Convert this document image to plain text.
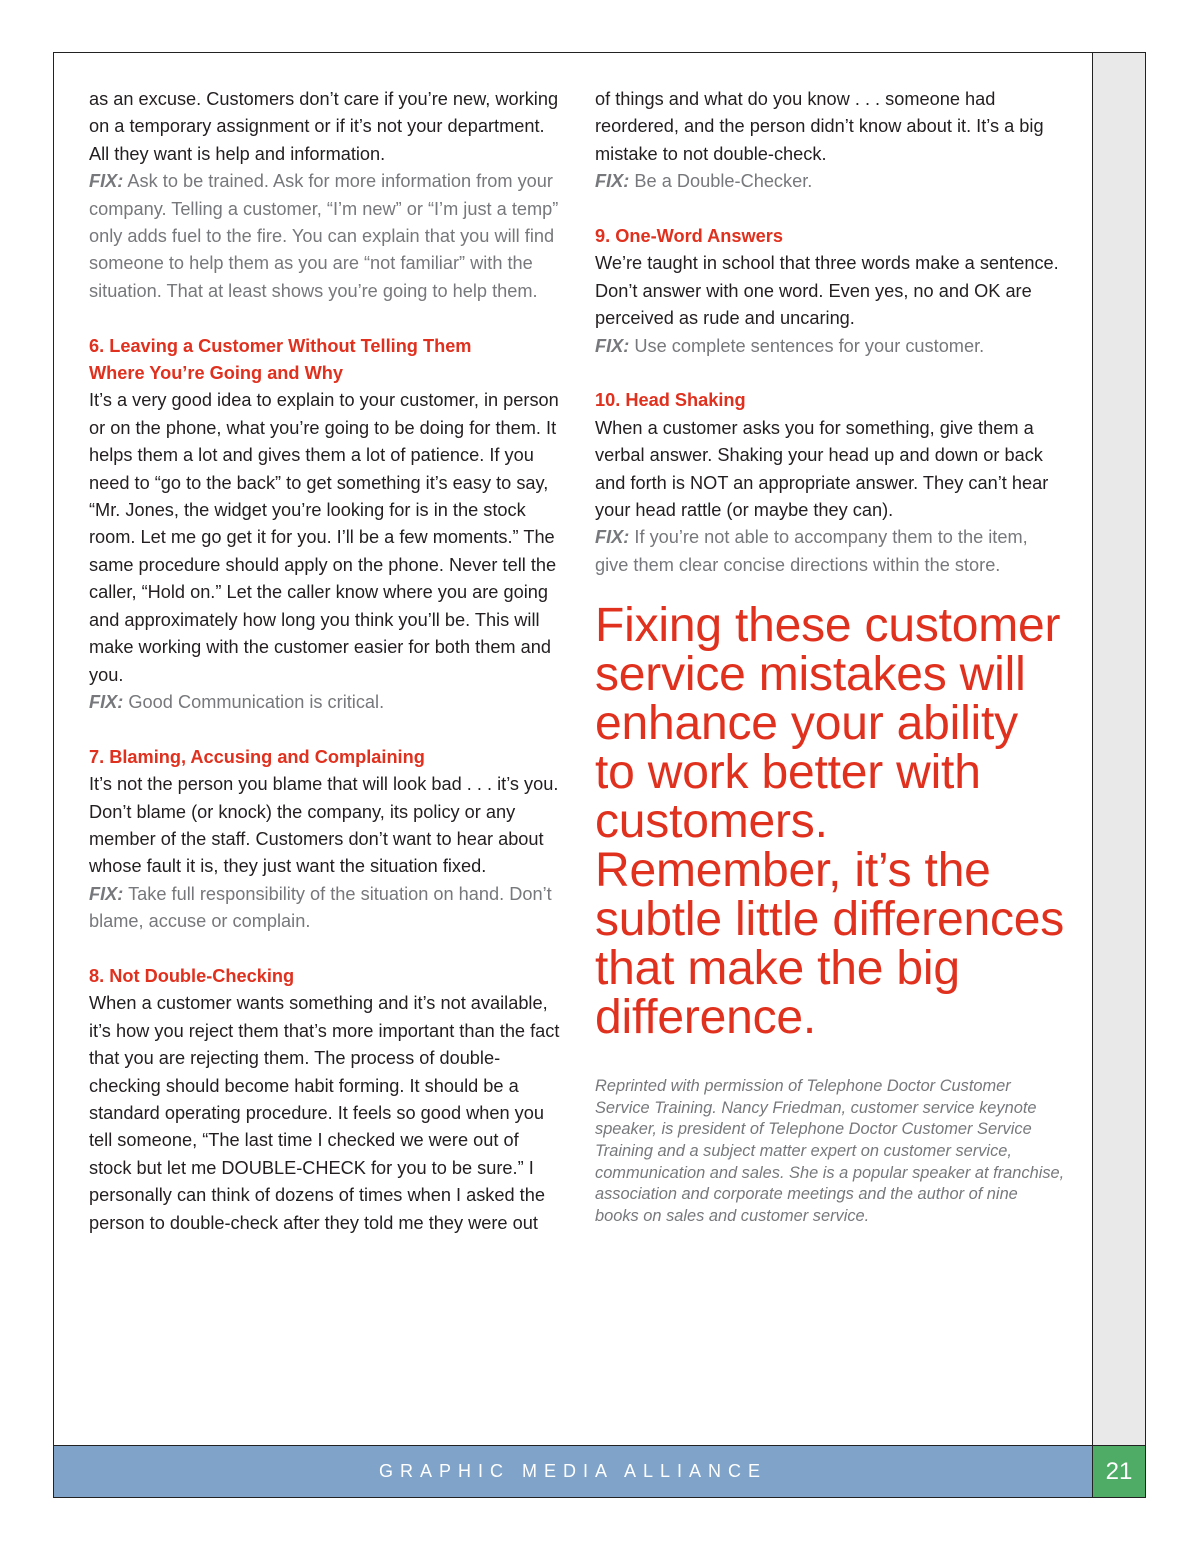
as an excuse. Customers don’t care if you’re new, working on a temporary assignment or if it’s not your department. All they want is help and information.

FIX: Ask to be trained. Ask for more information from your company. Telling a customer, “I’m new” or “I’m just a temp” only adds fuel to the fire. You can explain that you will find someone to help them as you are “not familiar” with the situation. That at least shows you’re going to help them.

6. Leaving a Customer Without Telling Them
Where You’re Going and Why

It’s a very good idea to explain to your customer, in person or on the phone, what you’re going to be doing for them. It helps them a lot and gives them a lot of patience. If you need to “go to the back” to get something it’s easy to say, “Mr. Jones, the widget you’re looking for is in the stock room. Let me go get it for you. I’ll be a few moments.” The same procedure should apply on the phone. Never tell the caller, “Hold on.” Let the caller know where you are going and approximately how long you think you’ll be. This will make working with the customer easier for both them and you.

FIX: Good Communication is critical.

7. Blaming, Accusing and Complaining

It’s not the person you blame that will look bad . . . it’s you. Don’t blame (or knock) the company, its policy or any member of the staff. Customers don’t want to hear about whose fault it is, they just want the situation fixed.

FIX: Take full responsibility of the situation on hand. Don’t blame, accuse or complain.

8. Not Double-Checking

When a customer wants something and it’s not available, it’s how you reject them that’s more important than the fact that you are rejecting them. The process of double-checking should become habit forming. It should be a standard operating procedure. It feels so good when you tell someone, “The last time I checked we were out of stock but let me DOUBLE-CHECK for you to be sure.” I personally can think of dozens of times when I asked the person to double-check after they told me they were out

of things and what do you know . . . someone had reordered, and the person didn’t know about it. It’s a big mistake to not double-check.

FIX: Be a Double-Checker.

9. One-Word Answers

We’re taught in school that three words make a sentence. Don’t answer with one word. Even yes, no and OK are perceived as rude and uncaring.

FIX: Use complete sentences for your customer.

10. Head Shaking

When a customer asks you for something, give them a verbal answer. Shaking your head up and down or back and forth is NOT an appropriate answer. They can’t hear your head rattle (or maybe they can).

FIX: If you’re not able to accompany them to the item, give them clear concise directions within the store.

Fixing these customer service mistakes will enhance your ability to work better with customers. Remember, it’s the subtle little differences that make the big difference.
Reprinted with permission of Telephone Doctor Customer Service Training. Nancy Friedman, customer service keynote speaker, is president of Telephone Doctor Customer Service Training and a subject matter expert on customer service, communication and sales. She is a popular speaker at franchise, association and corporate meetings and the author of nine books on sales and customer service.
GRAPHIC MEDIA ALLIANCE	21
